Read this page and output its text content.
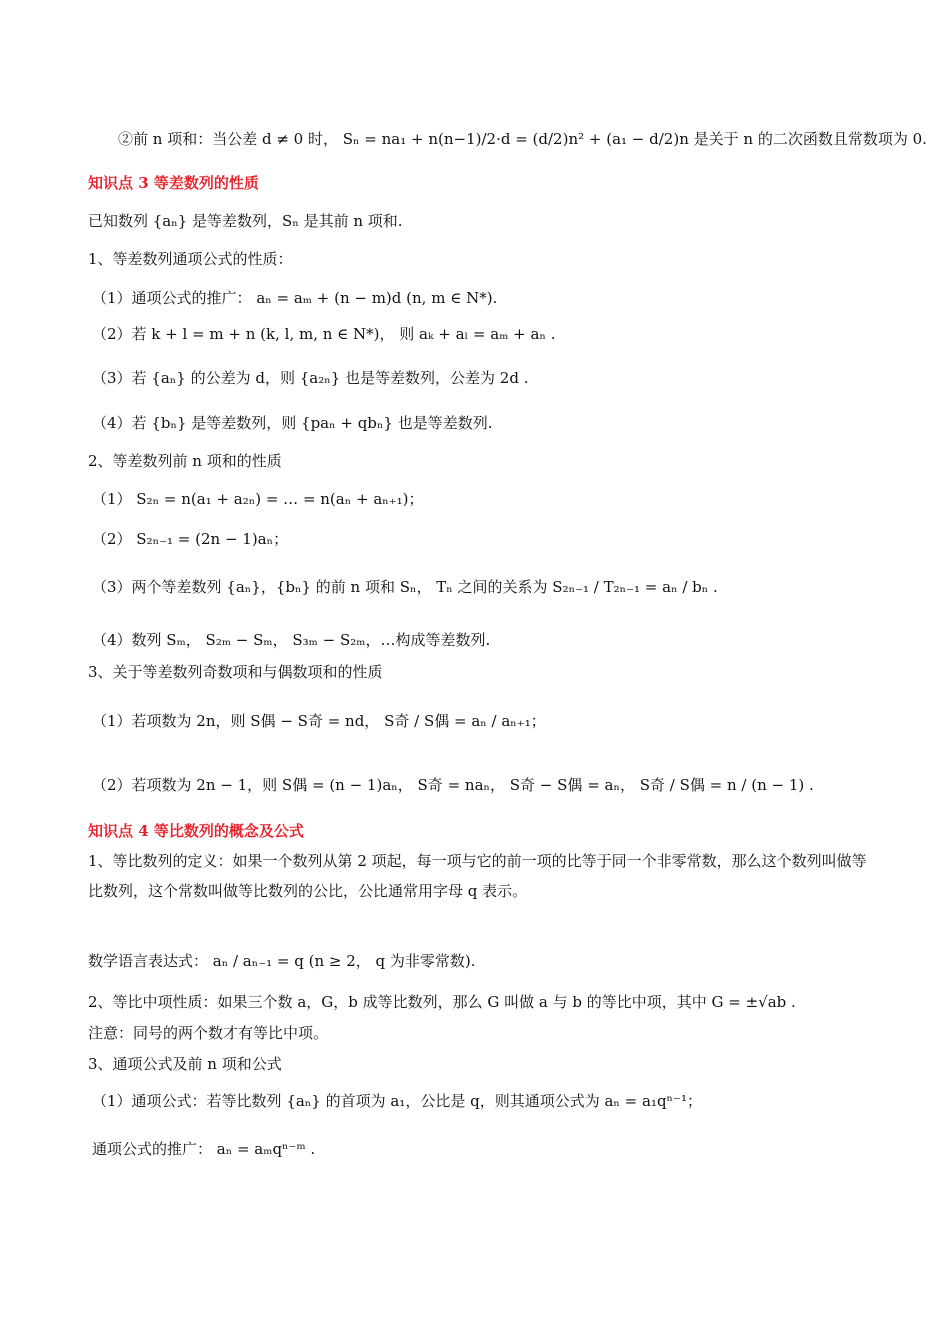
②前 n 项和：当公差 d ≠ 0 时， Sₙ = na₁ + n(n−1)/2·d = (d/2)n² + (a₁ − d/2)n 是关于 n 的二次函数且常数项为 0.
知识点 3 等差数列的性质
已知数列 {aₙ} 是等差数列，Sₙ 是其前 n 项和.
1、等差数列通项公式的性质：
（1）通项公式的推广： aₙ = aₘ + (n − m)d (n, m ∈ N*).
（2）若 k + l = m + n (k, l, m, n ∈ N*)， 则 aₖ + aₗ = aₘ + aₙ .
（3）若 {aₙ} 的公差为 d，则 {a₂ₙ} 也是等差数列，公差为 2d .
（4）若 {bₙ} 是等差数列，则 {paₙ + qbₙ} 也是等差数列.
2、等差数列前 n 项和的性质
（1） S₂ₙ = n(a₁ + a₂ₙ) = … = n(aₙ + aₙ₊₁)；
（2） S₂ₙ₋₁ = (2n − 1)aₙ；
（3）两个等差数列 {aₙ}，{bₙ} 的前 n 项和 Sₙ， Tₙ 之间的关系为 S₂ₙ₋₁ / T₂ₙ₋₁ = aₙ / bₙ .
（4）数列 Sₘ， S₂ₘ − Sₘ， S₃ₘ − S₂ₘ，…构成等差数列.
3、关于等差数列奇数项和与偶数项和的性质
（1）若项数为 2n，则 S偶 − S奇 = nd， S奇 / S偶 = aₙ / aₙ₊₁；
（2）若项数为 2n − 1，则 S偶 = (n − 1)aₙ， S奇 = naₙ， S奇 − S偶 = aₙ， S奇 / S偶 = n / (n − 1) .
知识点 4 等比数列的概念及公式
1、等比数列的定义：如果一个数列从第 2 项起，每一项与它的前一项的比等于同一个非零常数，那么这个数列叫做等比数列，这个常数叫做等比数列的公比，公比通常用字母 q 表示。
数学语言表达式： aₙ / aₙ₋₁ = q (n ≥ 2， q 为非零常数).
2、等比中项性质：如果三个数 a，G，b 成等比数列，那么 G 叫做 a 与 b 的等比中项，其中 G = ±√ab .
注意：同号的两个数才有等比中项。
3、通项公式及前 n 项和公式
（1）通项公式：若等比数列 {aₙ} 的首项为 a₁，公比是 q，则其通项公式为 aₙ = a₁qⁿ⁻¹；
通项公式的推广： aₙ = aₘqⁿ⁻ᵐ .
